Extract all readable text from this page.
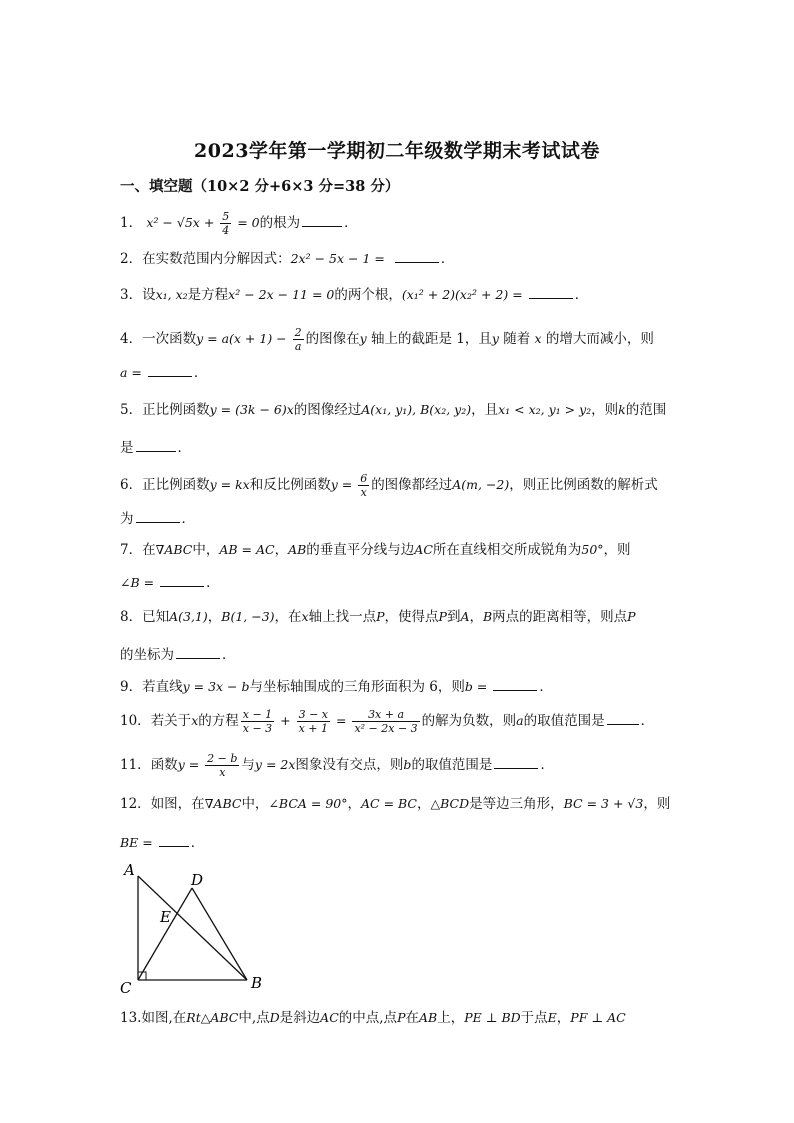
2023学年第一学期初二年级数学期末考试试卷
一、填空题（10×2 分+6×3 分=38 分）
1． $x^2 - √5x + \frac{5}{4} = 0$的根为	．
2．在实数范围内分解因式：2x² − 5x − 1 =	．
3．设x₁, x₂是方程x² − 2x − 11 = 0的两个根，(x₁² + 2)(x₂² + 2) =	．
4．一次函数$y = a(x + 1) - \frac{2}{a}$ 的图像在y 轴上的截距是 1，且y 随着 x 的增大而减小，则
a =	．
5．正比例函数y = (3k − 6)x的图像经过A(x₁, y₁), B(x₂, y₂)，且x₁ < x₂, y₁ > y₂，则k的范围
是	．
6．正比例函数y = kx和反比例函数$y = \frac{6}{x}$ 的图像都经过A(m, −2)，则正比例函数的解析式
为	．
7．在∇ABC中，AB = AC，AB的垂直平分线与边AC所在直线相交所成锐角为50°，则
∠B =	．
8．已知A(3,1)，B(1, −3)，在x轴上找一点P，使得点P到A，B两点的距离相等，则点P
的坐标为	．
9．若直线y = 3x − b与坐标轴围成的三角形面积为 6，则b =	．
10．若关于x的方程 $\frac{x - 1}{x - 3} + \frac{3 - x}{x + 1} = \frac{3x + a}{\text{x² − 2x − 3}}$ 的解为负数，则a的取值范围是	．
11．函数$y = \frac{2 - b}{x}$ 与y = 2x图象没有交点，则b的取值范围是	．
12．如图，在∇ABC中，∠BCA = 90°，AC = BC，△BCD是等边三角形，BC = 3 + √3，则
BE =	．
A
D
E
C	B
13.如图,在Rt△ABC中,点D是斜边AC的中点,点P在AB上，PE ⊥ BD于点E，PF ⊥ AC
